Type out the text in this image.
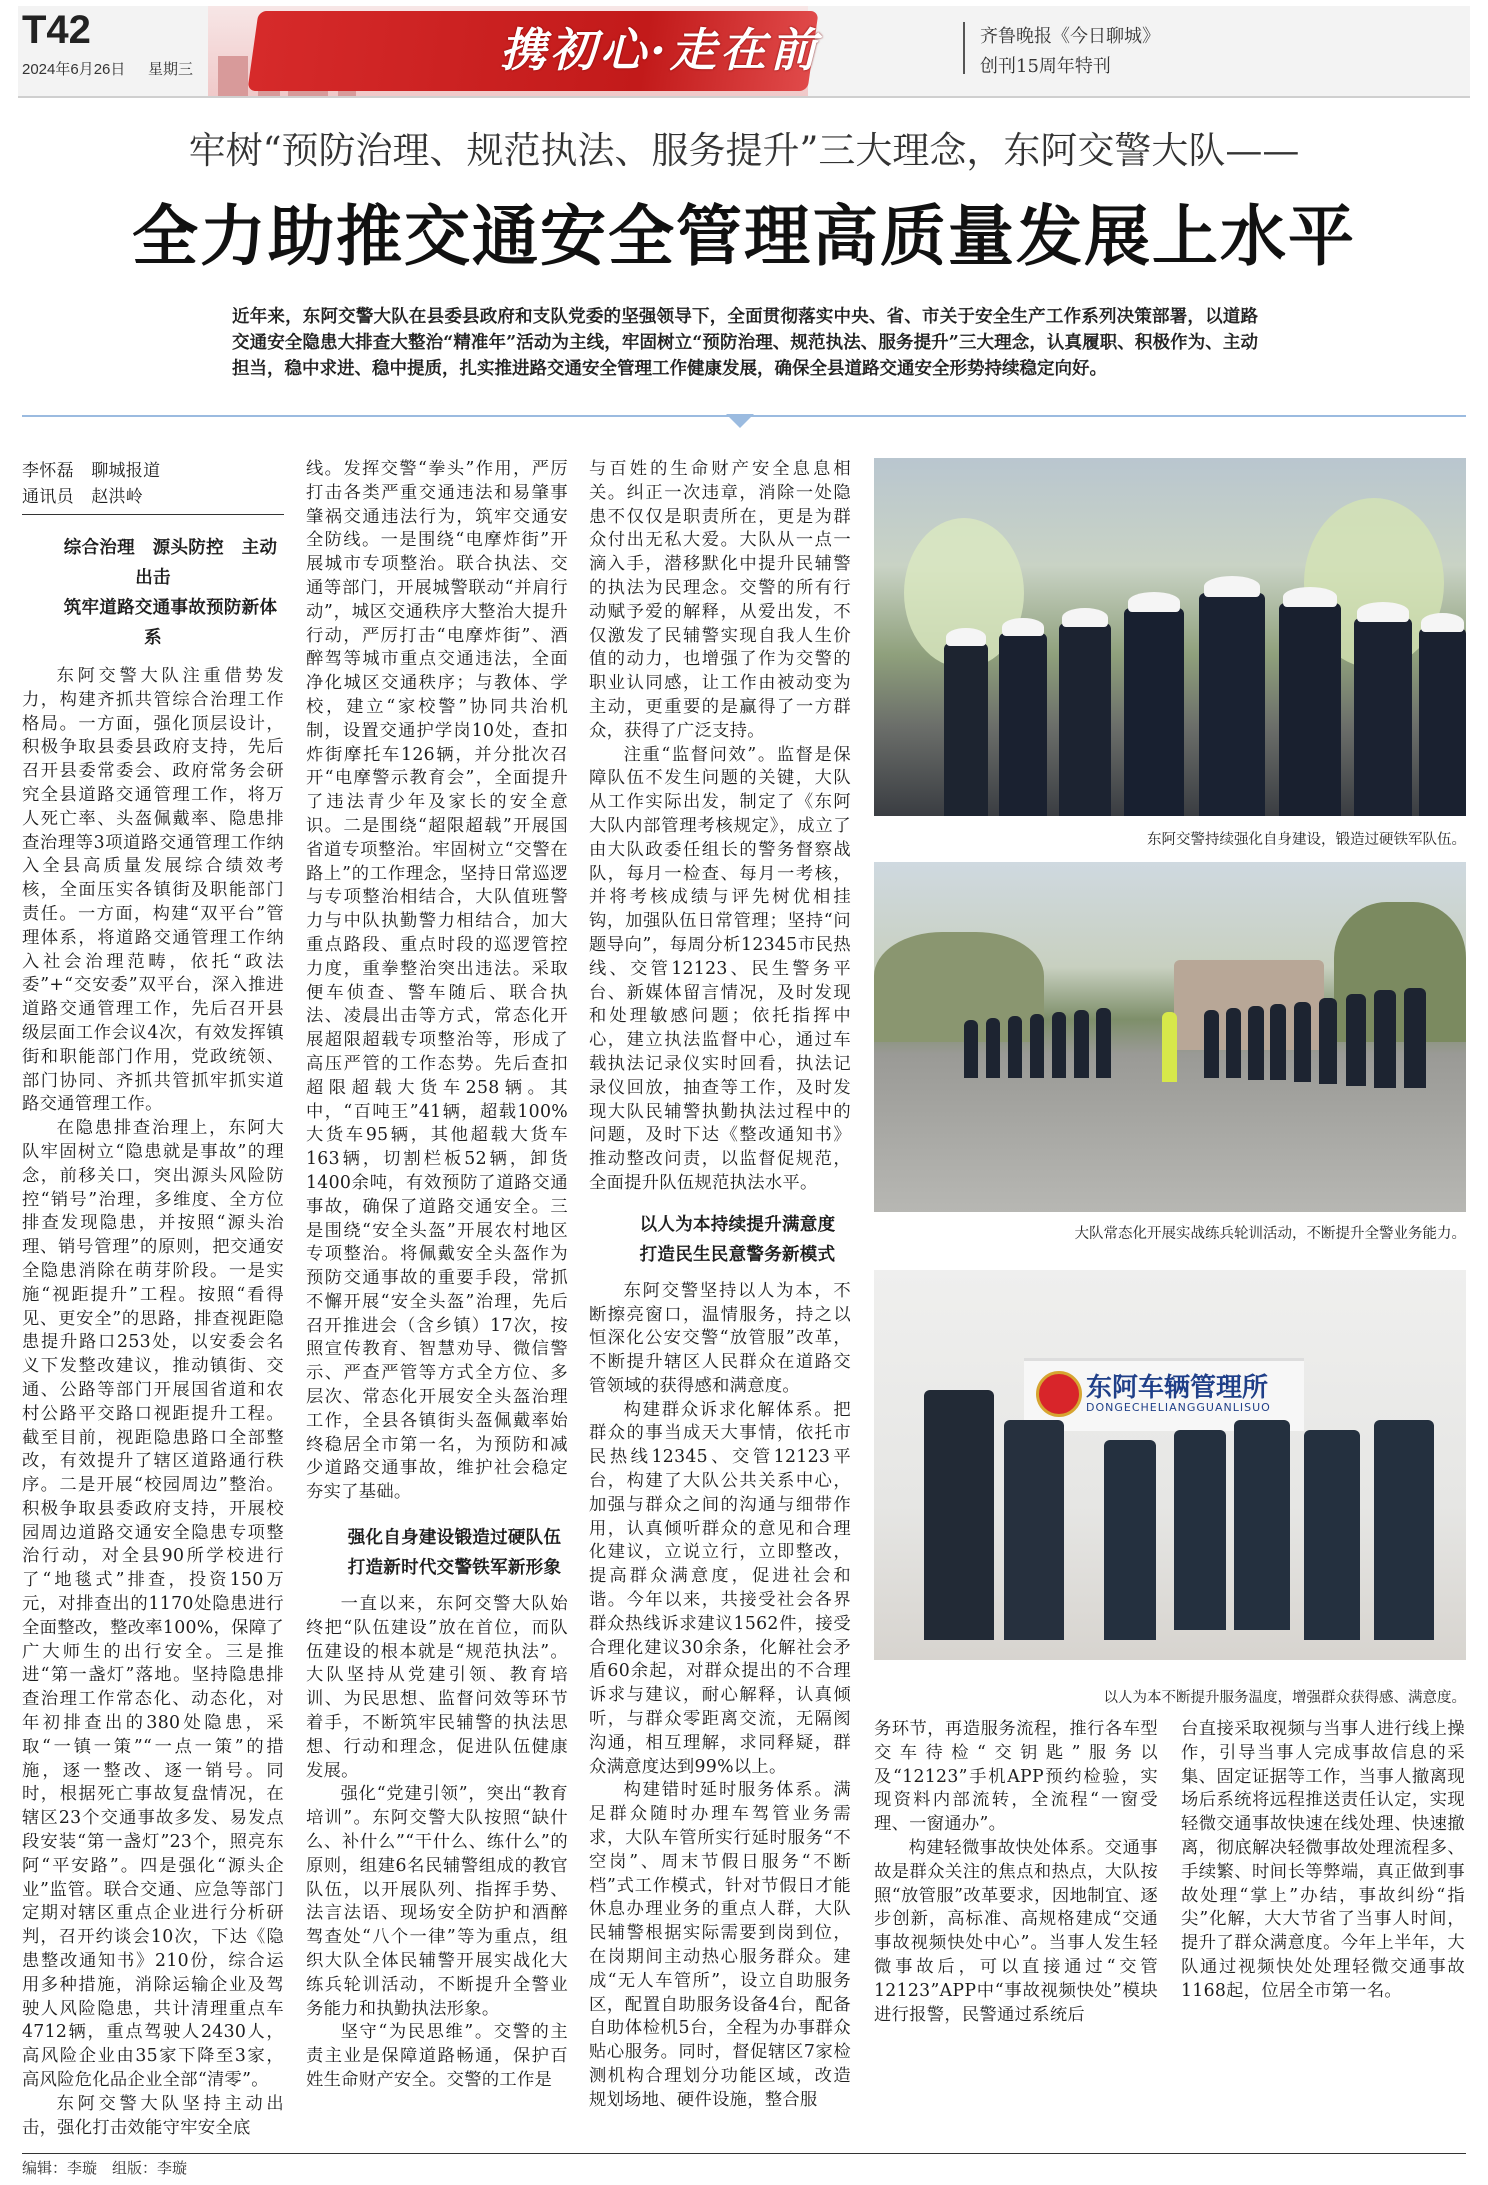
T42
2024年6月26日 星期三	携初心·走在前	齐鲁晚报《今日聊城》
创刊15周年特刊
牢树“预防治理、规范执法、服务提升”三大理念，东阿交警大队——
全力助推交通安全管理高质量发展上水平
近年来，东阿交警大队在县委县政府和支队党委的坚强领导下，全面贯彻落实中央、省、市关于安全生产工作系列决策部署，以道路交通安全隐患大排查大整治“精准年”活动为主线，牢固树立“预防治理、规范执法、服务提升”三大理念，认真履职、积极作为、主动担当，稳中求进、稳中提质，扎实推进路交通安全管理工作健康发展，确保全县道路交通安全形势持续稳定向好。
李怀磊　聊城报道
通讯员　赵洪岭

综合治理　源头防控　主动出击

筑牢道路交通事故预防新体系

东阿交警大队注重借势发力，构建齐抓共管综合治理工作格局。一方面，强化顶层设计，积极争取县委县政府支持，先后召开县委常委会、政府常务会研究全县道路交通管理工作，将万人死亡率、头盔佩戴率、隐患排查治理等3项道路交通管理工作纳入全县高质量发展综合绩效考核，全面压实各镇街及职能部门责任。一方面，构建“双平台”管理体系，将道路交通管理工作纳入社会治理范畴，依托“政法委”+“交安委”双平台，深入推进道路交通管理工作，先后召开县级层面工作会议4次，有效发挥镇街和职能部门作用，党政统领、部门协同、齐抓共管抓牢抓实道路交通管理工作。

在隐患排查治理上，东阿大队牢固树立“隐患就是事故”的理念，前移关口，突出源头风险防控“销号”治理，多维度、全方位排查发现隐患，并按照“源头治理、销号管理”的原则，把交通安全隐患消除在萌芽阶段。一是实施“视距提升”工程。按照“看得见、更安全”的思路，排查视距隐患提升路口253处，以安委会名义下发整改建议，推动镇街、交通、公路等部门开展国省道和农村公路平交路口视距提升工程。截至目前，视距隐患路口全部整改，有效提升了辖区道路通行秩序。二是开展“校园周边”整治。积极争取县委政府支持，开展校园周边道路交通安全隐患专项整治行动，对全县90所学校进行了“地毯式”排查，投资150万元，对排查出的1170处隐患进行全面整改，整改率100%，保障了广大师生的出行安全。三是推进“第一盏灯”落地。坚持隐患排查治理工作常态化、动态化，对年初排查出的380处隐患，采取“一镇一策”“一点一策”的措施，逐一整改、逐一销号。同时，根据死亡事故复盘情况，在辖区23个交通事故多发、易发点段安装“第一盏灯”23个，照亮东阿“平安路”。四是强化“源头企业”监管。联合交通、应急等部门定期对辖区重点企业进行分析研判，召开约谈会10次，下达《隐患整改通知书》210份，综合运用多种措施，消除运输企业及驾驶人风险隐患，共计清理重点车4712辆，重点驾驶人2430人，高风险企业由35家下降至3家，高风险危化品企业全部“清零”。

东阿交警大队坚持主动出击，强化打击效能守牢安全底

线。发挥交警“拳头”作用，严厉打击各类严重交通违法和易肇事肇祸交通违法行为，筑牢交通安全防线。一是围绕“电摩炸街”开展城市专项整治。联合执法、交通等部门，开展城警联动“并肩行动”，城区交通秩序大整治大提升行动，严厉打击“电摩炸街”、酒醉驾等城市重点交通违法，全面净化城区交通秩序；与教体、学校，建立“家校警”协同共治机制，设置交通护学岗10处，查扣炸街摩托车126辆，并分批次召开“电摩警示教育会”，全面提升了违法青少年及家长的安全意识。二是围绕“超限超载”开展国省道专项整治。牢固树立“交警在路上”的工作理念，坚持日常巡逻与专项整治相结合，大队值班警力与中队执勤警力相结合，加大重点路段、重点时段的巡逻管控力度，重拳整治突出违法。采取便车侦查、警车随后、联合执法、凌晨出击等方式，常态化开展超限超载专项整治等，形成了高压严管的工作态势。先后查扣超限超载大货车258辆。其中，“百吨王”41辆，超载100%大货车95辆，其他超载大货车163辆，切割栏板52辆，卸货1400余吨，有效预防了道路交通事故，确保了道路交通安全。三是围绕“安全头盔”开展农村地区专项整治。将佩戴安全头盔作为预防交通事故的重要手段，常抓不懈开展“安全头盔”治理，先后召开推进会（含乡镇）17次，按照宣传教育、智慧劝导、微信警示、严查严管等方式全方位、多层次、常态化开展安全头盔治理工作，全县各镇街头盔佩戴率始终稳居全市第一名，为预防和减少道路交通事故，维护社会稳定夯实了基础。

强化自身建设锻造过硬队伍

打造新时代交警铁军新形象

一直以来，东阿交警大队始终把“队伍建设”放在首位，而队伍建设的根本就是“规范执法”。大队坚持从党建引领、教育培训、为民思想、监督问效等环节着手，不断筑牢民辅警的执法思想、行动和理念，促进队伍健康发展。

强化“党建引领”，突出“教育培训”。东阿交警大队按照“缺什么、补什么”“干什么、练什么”的原则，组建6名民辅警组成的教官队伍，以开展队列、指挥手势、法言法语、现场安全防护和酒醉驾查处“八个一律”等为重点，组织大队全体民辅警开展实战化大练兵轮训活动，不断提升全警业务能力和执勤执法形象。

坚守“为民思维”。交警的主责主业是保障道路畅通，保护百姓生命财产安全。交警的工作是

与百姓的生命财产安全息息相关。纠正一次违章，消除一处隐患不仅仅是职责所在，更是为群众付出无私大爱。大队从一点一滴入手，潜移默化中提升民辅警的执法为民理念。交警的所有行动赋予爱的解释，从爱出发，不仅激发了民辅警实现自我人生价值的动力，也增强了作为交警的职业认同感，让工作由被动变为主动，更重要的是赢得了一方群众，获得了广泛支持。

注重“监督问效”。监督是保障队伍不发生问题的关键，大队从工作实际出发，制定了《东阿大队内部管理考核规定》，成立了由大队政委任组长的警务督察战队，每月一检查、每月一考核，并将考核成绩与评先树优相挂钩，加强队伍日常管理；坚持“问题导向”，每周分析12345市民热线、交管12123、民生警务平台、新媒体留言情况，及时发现和处理敏感问题；依托指挥中心，建立执法监督中心，通过车载执法记录仪实时回看，执法记录仪回放，抽查等工作，及时发现大队民辅警执勤执法过程中的问题，及时下达《整改通知书》推动整改问责，以监督促规范，全面提升队伍规范执法水平。

以人为本持续提升满意度

打造民生民意警务新模式

东阿交警坚持以人为本，不断擦亮窗口，温情服务，持之以恒深化公安交警“放管服”改革，不断提升辖区人民群众在道路交管领域的获得感和满意度。

构建群众诉求化解体系。把群众的事当成天大事情，依托市民热线12345、交管12123平台，构建了大队公共关系中心，加强与群众之间的沟通与细带作用，认真倾听群众的意见和合理化建议，立说立行，立即整改，提高群众满意度，促进社会和谐。今年以来，共接受社会各界群众热线诉求建议1562件，接受合理化建议30余条，化解社会矛盾60余起，对群众提出的不合理诉求与建议，耐心解释，认真倾听，与群众零距离交流，无隔阂沟通，相互理解，求同释疑，群众满意度达到99%以上。

构建错时延时服务体系。满足群众随时办理车驾管业务需求，大队车管所实行延时服务“不空岗”、周末节假日服务“不断档”式工作模式，针对节假日才能休息办理业务的重点人群，大队民辅警根据实际需要到岗到位，在岗期间主动热心服务群众。建成“无人车管所”，设立自助服务区，配置自助服务设备4台，配备自助体检机5台，全程为办事群众贴心服务。同时，督促辖区7家检测机构合理划分功能区域，改造规划场地、硬件设施，整合服

东阿交警持续强化自身建设，锻造过硬铁军队伍。
大队常态化开展实战练兵轮训活动，不断提升全警业务能力。
东阿车辆管理所
DONGECHELIANGGUANLISUO
以人为本不断提升服务温度，增强群众获得感、满意度。

务环节，再造服务流程，推行各车型交车待检“交钥匙”服务以及“12123”手机APP预约检验，实现资料内部流转，全流程“一窗受理、一窗通办”。

构建轻微事故快处体系。交通事故是群众关注的焦点和热点，大队按照“放管服”改革要求，因地制宜、逐步创新，高标准、高规格建成“交通事故视频快处中心”。当事人发生轻微事故后，可以直接通过“交管12123”APP中“事故视频快处”模块进行报警，民警通过系统后

台直接采取视频与当事人进行线上操作，引导当事人完成事故信息的采集、固定证据等工作，当事人撤离现场后系统将远程推送责任认定，实现轻微交通事故快速在线处理、快速撤离，彻底解决轻微事故处理流程多、手续繁、时间长等弊端，真正做到事故处理“掌上”办结，事故纠纷“指尖”化解，大大节省了当事人时间，提升了群众满意度。今年上半年，大队通过视频快处处理轻微交通事故1168起，位居全市第一名。

编辑：李璇　组版：李璇
